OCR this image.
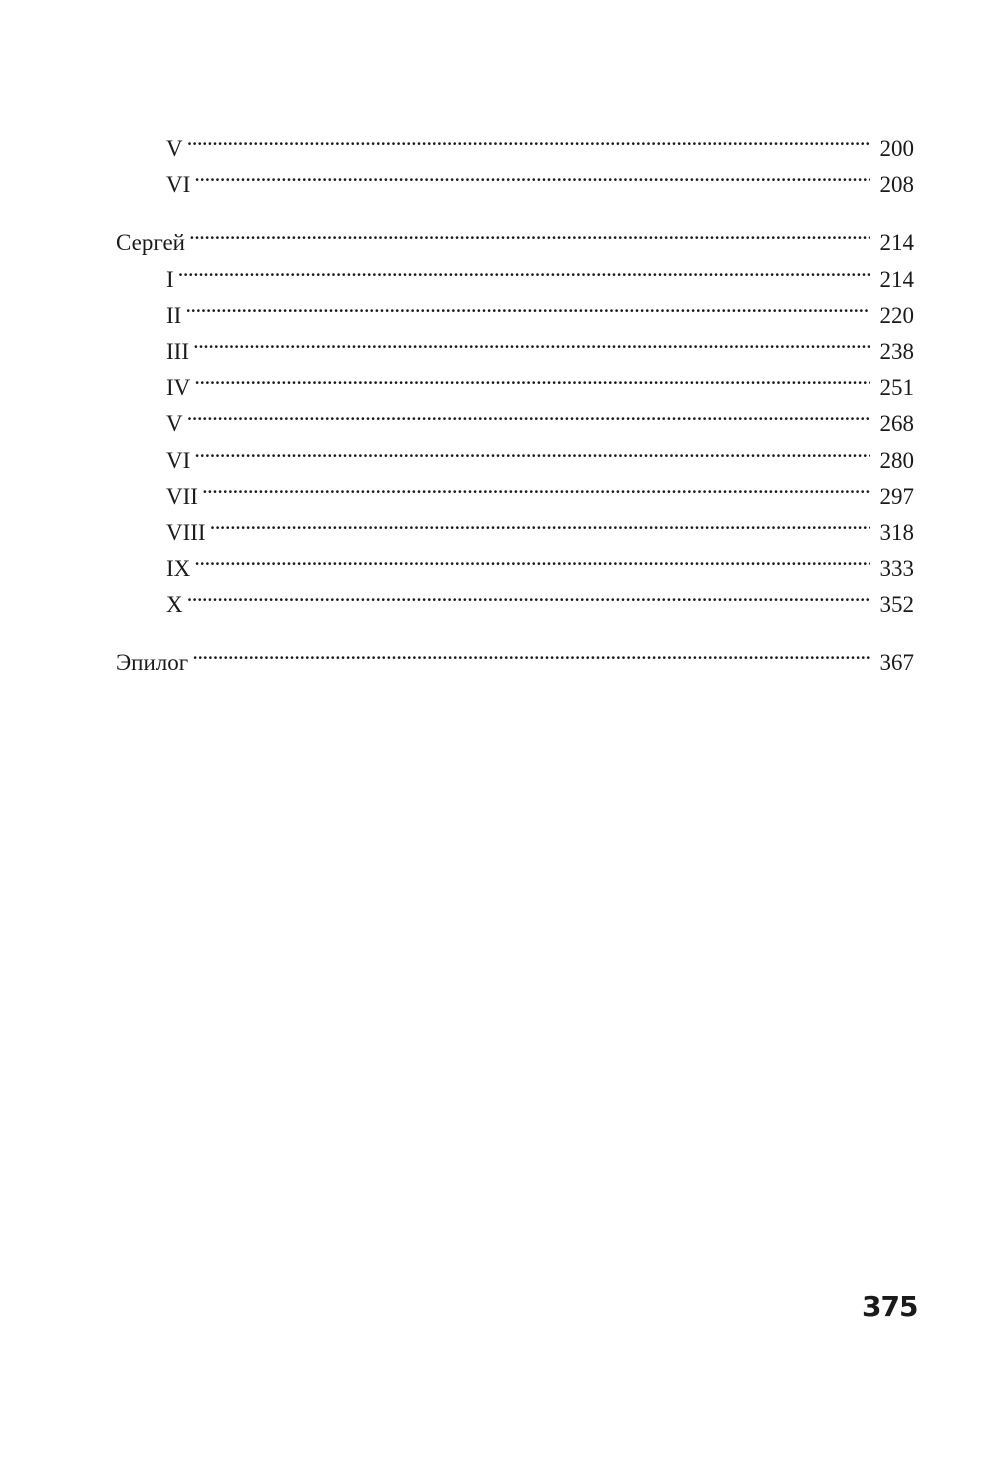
V . . .	200
VI . . .	208
Сергей . . .	214
I . . .	214
II . . .	220
III . . .	238
IV . . .	251
V . . .	268
VI . . .	280
VII . . .	297
VIII . . .	318
IX . . .	333
X . . .	352
Эпилог . . .	367
375
